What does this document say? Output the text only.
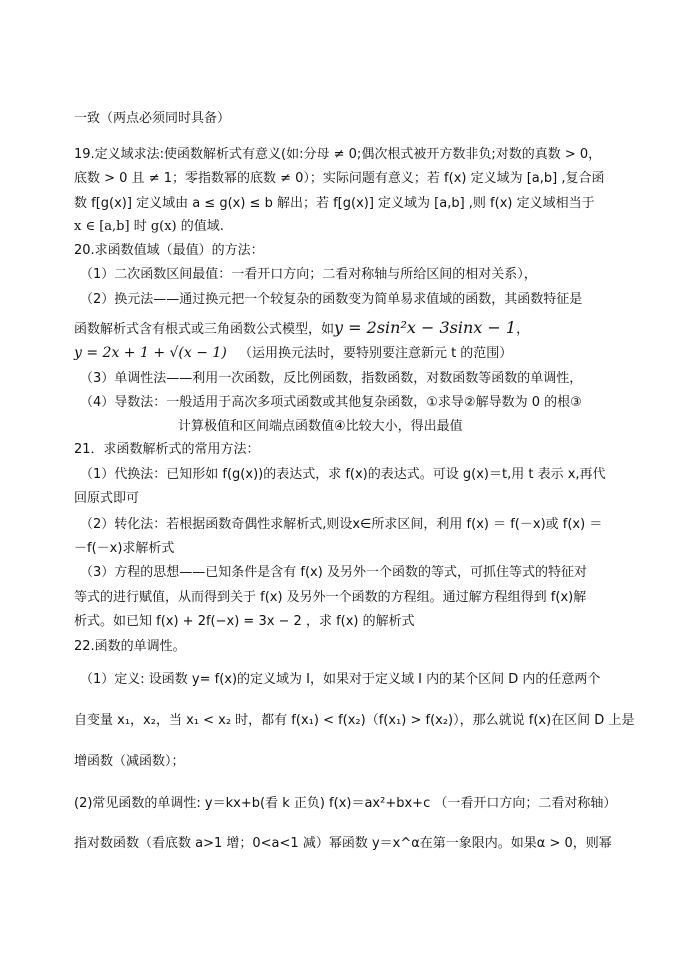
一致（两点必须同时具备）
19.定义域求法:使函数解析式有意义(如:分母 ≠ 0;偶次根式被开方数非负;对数的真数 > 0，
底数 > 0 且 ≠ 1；零指数幂的底数 ≠ 0）；实际问题有意义；若 f(x) 定义域为 [a,b] ,复合函
数 f[g(x)] 定义域由 a ≤ g(x) ≤ b 解出；若 f[g(x)] 定义域为 [a,b] ,则 f(x) 定义域相当于
x ∈ [a,b] 时 g(x) 的值域.
20.求函数值域（最值）的方法：
（1）二次函数区间最值：一看开口方向；二看对称轴与所给区间的相对关系），
（2）换元法——通过换元把一个较复杂的函数变为简单易求值域的函数，其函数特征是
函数解析式含有根式或三角函数公式模型，如y = 2sin²x − 3sinx − 1，
y = 2x + 1 + √(x − 1) （运用换元法时，要特别要注意新元 t 的范围）
（3）单调性法——利用一次函数，反比例函数，指数函数，对数函数等函数的单调性，
（4）导数法：一般适用于高次多项式函数或其他复杂函数，①求导②解导数为 0 的根③
计算极值和区间端点函数值④比较大小，得出最值
21．求函数解析式的常用方法：
（1）代换法：已知形如 f(g(x))的表达式，求 f(x)的表达式。可设 g(x)＝t,用 t 表示 x,再代
回原式即可
（2）转化法：若根据函数奇偶性求解析式,则设x∈所求区间，利用 f(x) ＝ f(－x)或 f(x) ＝
－f(－x)求解析式
（3）方程的思想——已知条件是含有 f(x) 及另外一个函数的等式，可抓住等式的特征对
等式的进行赋值，从而得到关于 f(x) 及另外一个函数的方程组。通过解方程组得到 f(x)解
析式。如已知 f(x) + 2f(−x) = 3x − 2 ，求 f(x) 的解析式
22.函数的单调性。
（1）定义: 设函数 y= f(x)的定义域为 I，如果对于定义域 I 内的某个区间 D 内的任意两个
自变量 x₁，x₂，当 x₁ < x₂ 时，都有 f(x₁) < f(x₂)（f(x₁) > f(x₂)），那么就说 f(x)在区间 D 上是
增函数（减函数）；
(2)常见函数的单调性: y＝kx+b(看 k 正负) f(x)＝ax²+bx+c （一看开口方向；二看对称轴）
指对数函数（看底数 a>1 增；0<a<1 减）幂函数 y＝x^α在第一象限内。如果α > 0，则幂
